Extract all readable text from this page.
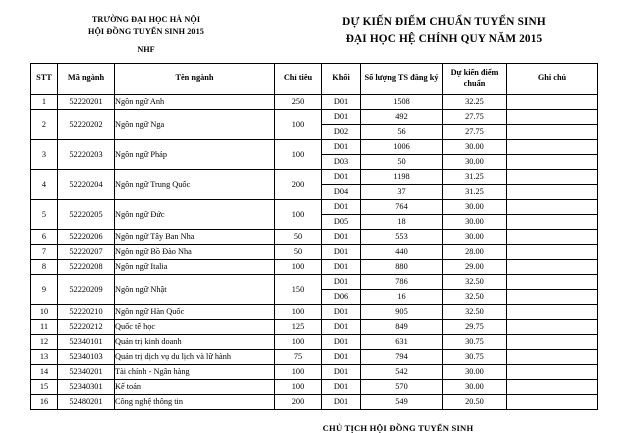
TRƯỜNG ĐẠI HỌC HÀ NỘI
HỘI ĐỒNG TUYỂN SINH 2015
NHF
DỰ KIẾN ĐIỂM CHUẨN TUYỂN SINH
ĐẠI HỌC HỆ CHÍNH QUY NĂM 2015
STT	Mã ngành	Tên ngành	Chỉ tiêu	Khối	Số lượng TS đăng ký	Dự kiến điểm chuẩn	Ghi chú
1	52220201	Ngôn ngữ Anh	250	D01	1508	32.25	
2	52220202	Ngôn ngữ Nga	100	D01	492	27.75	
				D02	56	27.75	
3	52220203	Ngôn ngữ Pháp	100	D01	1006	30.00	
				D03	50	30.00	
4	52220204	Ngôn ngữ Trung Quốc	200	D01	1198	31.25	
				D04	37	31.25	
5	52220205	Ngôn ngữ Đức	100	D01	764	30.00	
				D05	18	30.00	
6	52220206	Ngôn ngữ Tây Ban Nha	50	D01	553	30.00	
7	52220207	Ngôn ngữ Bồ Đào Nha	50	D01	440	28.00	
8	52220208	Ngôn ngữ Italia	100	D01	880	29.00	
9	52220209	Ngôn ngữ Nhật	150	D01	786	32.50	
				D06	16	32.50	
10	52220210	Ngôn ngữ Hàn Quốc	100	D01	905	32.50	
11	52220212	Quốc tế học	125	D01	849	29.75	
12	52340101	Quản trị kinh doanh	100	D01	631	30.75	
13	52340103	Quản trị dịch vụ du lịch và lữ hành	75	D01	794	30.75	
14	52340201	Tài chính - Ngân hàng	100	D01	542	30.00	
15	52340301	Kế toán	100	D01	570	30.00	
16	52480201	Công nghệ thông tin	200	D01	549	20.50	
CHỦ TỊCH HỘI ĐỒNG TUYỂN SINH
